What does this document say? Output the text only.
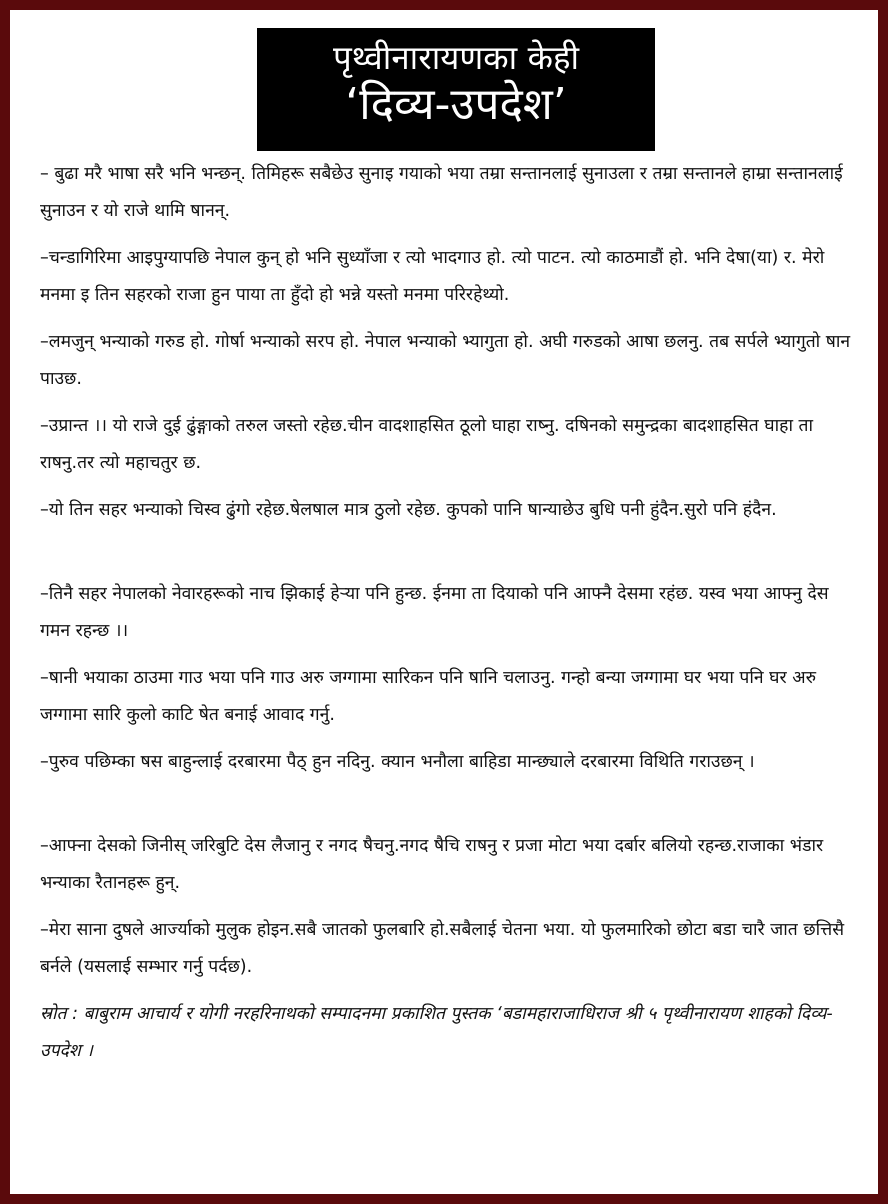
पृथ्वीनारायणका केही
‘दिव्य-उपदेश’

– बुढा मरै भाषा सरै भनि भन्छन्. तिमिहरू सबैछेउ सुनाइ गयाको भया तम्रा सन्तानलाई सुनाउला र तम्रा सन्तानले हाम्रा सन्तानलाई सुनाउन र यो राजे थामि षानन्.

–चन्डागिरिमा आइपुग्यापछि नेपाल कुन् हो भनि सुध्याँजा र त्यो भादगाउ हो. त्यो पाटन. त्यो काठमाडौं हो. भनि देषा(या) र. मेरो मनमा इ तिन सहरको राजा हुन पाया ता हुँदो हो भन्ने यस्तो मनमा परिरहेथ्यो.

–लमजुन् भन्याको गरुड हो. गोर्षा भन्याको सरप हो. नेपाल भन्याको भ्यागुता हो. अघी गरुडको आषा छलनु. तब सर्पले भ्यागुतो षान पाउछ.

–उप्रान्त ।। यो राजे दुई ढुंङ्गाको तरुल जस्तो रहेछ.चीन वादशाहसित ठूलो घाहा राष्नु. दषिनको समुन्द्रका बादशाहसित घाहा ता राषनु.तर त्यो महाचतुर छ.

–यो तिन सहर भन्याको चिस्व ढुंगो रहेछ.षेलषाल मात्र ठुलो रहेछ. कुपको पानि षान्याछेउ बुधि पनी हुंदैन.सुरो पनि हंदैन.

–तिनै सहर नेपालको नेवारहरूको नाच झिकाई हेऱ्या पनि हुन्छ. ईनमा ता दियाको पनि आफ्नै देसमा रहंछ. यस्व भया आफ्नु देस गमन रहन्छ ।।

–षानी भयाका ठाउमा गाउ भया पनि गाउ अरु जग्गामा सारिकन पनि षानि चलाउनु. गन्हो बन्या जग्गामा घर भया पनि घर अरु जग्गामा सारि कुलो काटि षेत बनाई आवाद गर्नु.

–पुरुव पछिम्का षस बाहुन्लाई दरबारमा पैठ् हुन नदिनु. क्यान भनौला बाहिडा मान्छ्याले दरबारमा विथिति गराउछन् ।

–आफ्ना देसको जिनीस् जरिबुटि देस लैजानु र नगद षैचनु.नगद षैचि राषनु र प्रजा मोटा भया दर्बार बलियो रहन्छ.राजाका भंडार भन्याका रैतानहरू हुन्.

–मेरा साना दुषले आर्ज्याको मुलुक होइन.सबै जातको फुलबारि हो.सबैलाई चेतना भया. यो फुलमारिको छोटा बडा चारै जात छत्तिसै बर्नले (यसलाई सम्भार गर्नु पर्दछ).

स्रोत : बाबुराम आचार्य र योगी नरहरिनाथको सम्पादनमा प्रकाशित पुस्तक ‘बडामहाराजाधिराज श्री ५ पृथ्वीनारायण शाहको दिव्य-उपदेश ।
